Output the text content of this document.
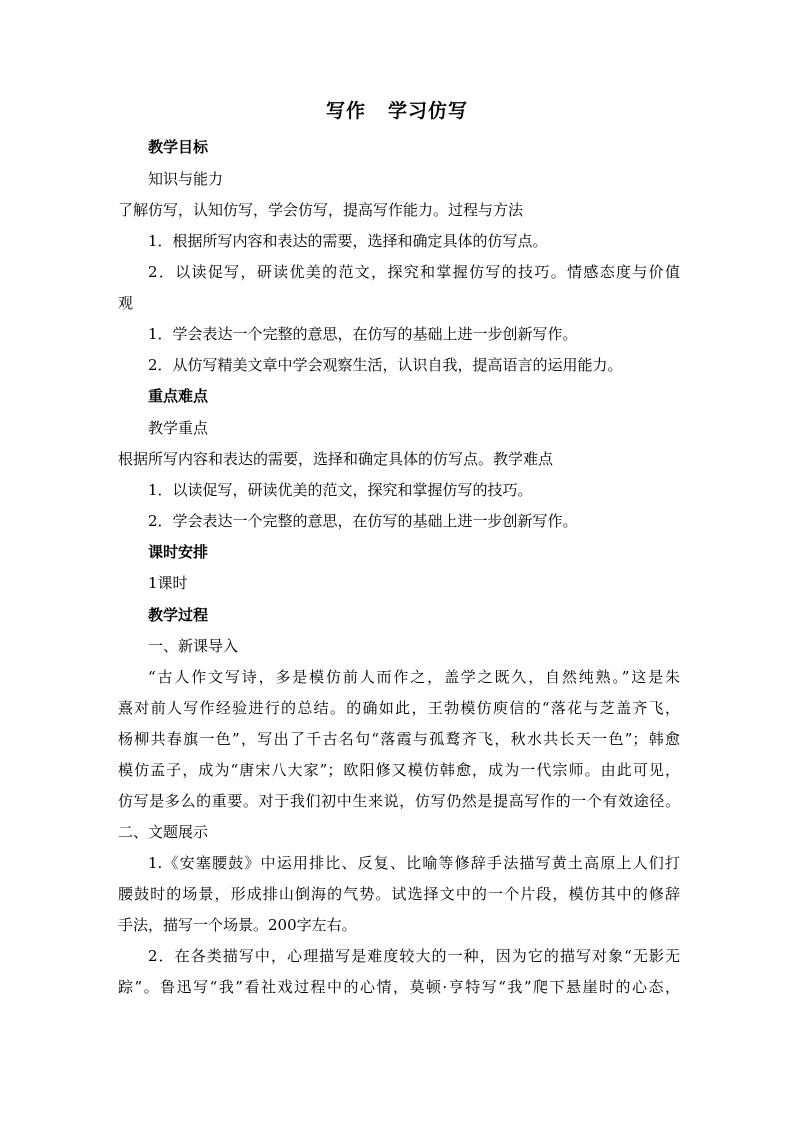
写作 学习仿写
教学目标
知识与能力
了解仿写，认知仿写，学会仿写，提高写作能力。过程与方法
1．根据所写内容和表达的需要，选择和确定具体的仿写点。
2．以读促写，研读优美的范文，探究和掌握仿写的技巧。情感态度与价值
观
1．学会表达一个完整的意思，在仿写的基础上进一步创新写作。
2．从仿写精美文章中学会观察生活，认识自我，提高语言的运用能力。
重点难点
教学重点
根据所写内容和表达的需要，选择和确定具体的仿写点。教学难点
1．以读促写，研读优美的范文，探究和掌握仿写的技巧。
2．学会表达一个完整的意思，在仿写的基础上进一步创新写作。
课时安排
1课时
教学过程
一、新课导入
“古人作文写诗，多是模仿前人而作之，盖学之既久，自然纯熟。”这是朱
熹对前人写作经验进行的总结。的确如此，王勃模仿庾信的“落花与芝盖齐飞，
杨柳共春旗一色”，写出了千古名句“落霞与孤鹜齐飞，秋水共长天一色”；韩愈
模仿孟子，成为“唐宋八大家”；欧阳修又模仿韩愈，成为一代宗师。由此可见，
仿写是多么的重要。对于我们初中生来说，仿写仍然是提高写作的一个有效途径。
二、文题展示
1.《安塞腰鼓》中运用排比、反复、比喻等修辞手法描写黄土高原上人们打
腰鼓时的场景，形成排山倒海的气势。试选择文中的一个片段，模仿其中的修辞
手法，描写一个场景。200字左右。
2．在各类描写中，心理描写是难度较大的一种，因为它的描写对象“无影无
踪”。鲁迅写“我”看社戏过程中的心情，莫顿·亨特写“我”爬下悬崖时的心态，
